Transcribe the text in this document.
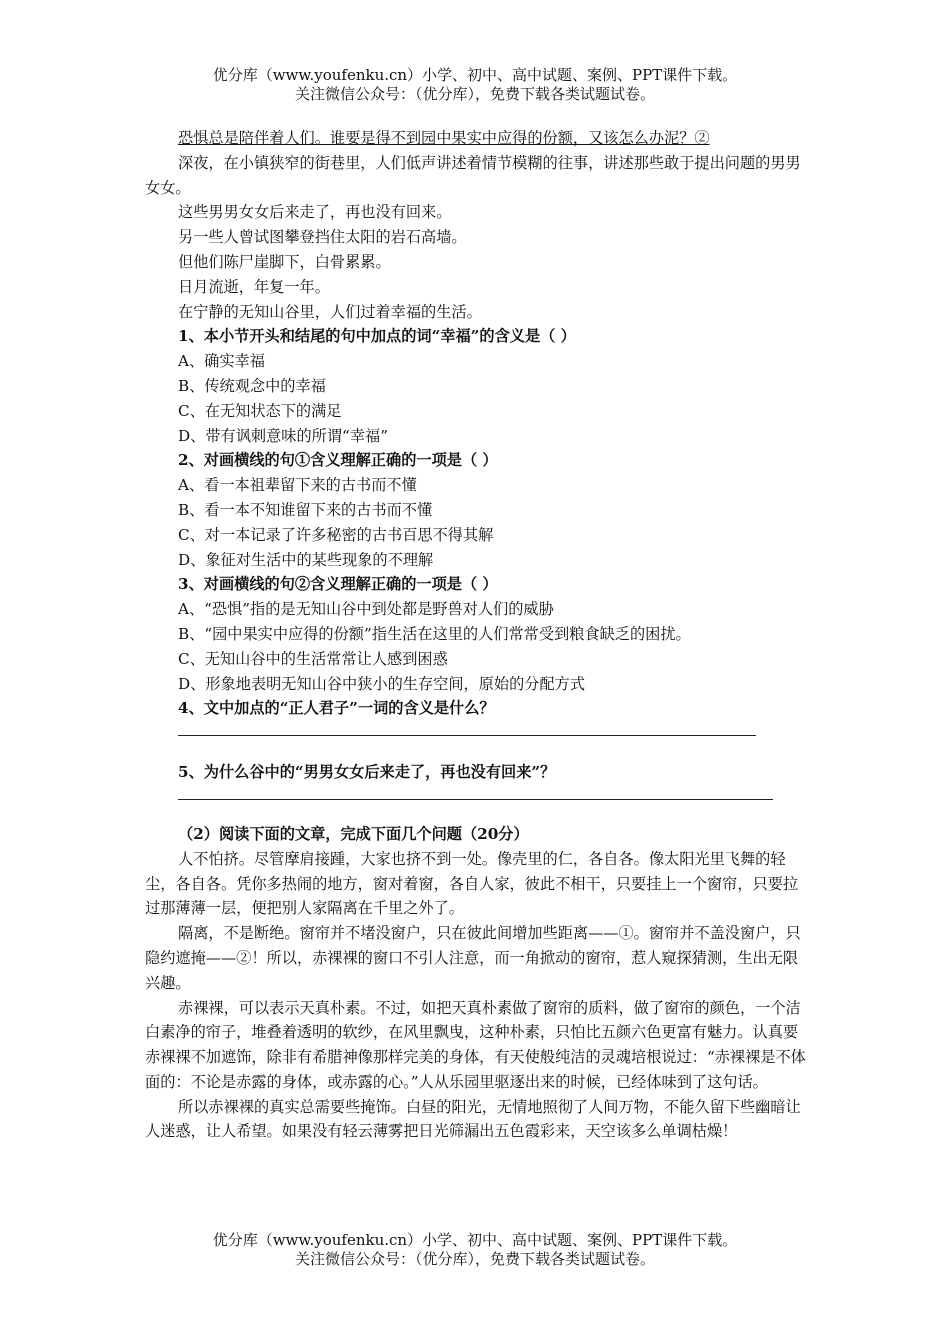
优分库（www.youfenku.cn）小学、初中、高中试题、案例、PPT课件下载。
关注微信公众号：（优分库），免费下载各类试题试卷。

恐惧总是陪伴着人们。谁要是得不到园中果实中应得的份额，又该怎么办泥？②

深夜，在小镇狭窄的街巷里，人们低声讲述着情节模糊的往事，讲述那些敢于提出问题的男男女女。

这些男男女女后来走了，再也没有回来。

另一些人曾试图攀登挡住太阳的岩石高墙。

但他们陈尸崖脚下，白骨累累。

日月流逝，年复一年。

在宁静的无知山谷里，人们过着幸福的生活。

1、本小节开头和结尾的句中加点的词“幸福”的含义是（ ）

A、确实幸福

B、传统观念中的幸福

C、在无知状态下的满足

D、带有讽刺意味的所谓“幸福”

2、对画横线的句①含义理解正确的一项是（ ）

A、看一本祖辈留下来的古书而不懂

B、看一本不知谁留下来的古书而不懂

C、对一本记录了许多秘密的古书百思不得其解

D、象征对生活中的某些现象的不理解

3、对画横线的句②含义理解正确的一项是（ ）

A、“恐惧”指的是无知山谷中到处都是野兽对人们的威胁

B、“园中果实中应得的份额”指生活在这里的人们常常受到粮食缺乏的困扰。

C、无知山谷中的生活常常让人感到困惑

D、形象地表明无知山谷中狭小的生存空间，原始的分配方式

4、文中加点的“正人君子”一词的含义是什么？

5、为什么谷中的“男男女女后来走了，再也没有回来”？

（2）阅读下面的文章，完成下面几个问题（20分）

人不怕挤。尽管摩肩接踵，大家也挤不到一处。像壳里的仁，各自各。像太阳光里飞舞的轻尘，各自各。凭你多热闹的地方，窗对着窗，各自人家，彼此不相干，只要挂上一个窗帘，只要拉过那薄薄一层，便把别人家隔离在千里之外了。

隔离，不是断绝。窗帘并不堵没窗户，只在彼此间增加些距离——①。窗帘并不盖没窗户，只隐约遮掩——②！所以，赤裸裸的窗口不引人注意，而一角掀动的窗帘，惹人窥探猜测，生出无限兴趣。

赤裸裸，可以表示天真朴素。不过，如把天真朴素做了窗帘的质料，做了窗帘的颜色，一个洁白素净的帘子，堆叠着透明的软纱，在风里飘曳，这种朴素，只怕比五颜六色更富有魅力。认真要赤裸裸不加遮饰，除非有希腊神像那样完美的身体，有天使般纯洁的灵魂培根说过：“赤裸裸是不体面的：不论是赤露的身体，或赤露的心。”人从乐园里驱逐出来的时候，已经体味到了这句话。

所以赤裸裸的真实总需要些掩饰。白昼的阳光，无情地照彻了人间万物，不能久留下些幽暗让人迷惑，让人希望。如果没有轻云薄雾把日光筛漏出五色霞彩来，天空该多么单调枯燥！

优分库（www.youfenku.cn）小学、初中、高中试题、案例、PPT课件下载。
关注微信公众号：（优分库），免费下载各类试题试卷。
